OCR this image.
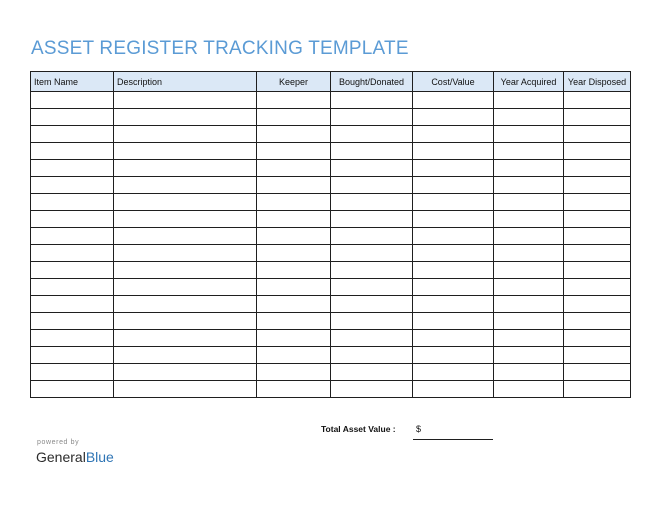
ASSET REGISTER TRACKING TEMPLATE
Item Name	Description	Keeper	Bought/Donated	Cost/Value	Year Acquired	Year Disposed

Total Asset Value : $
powered by
GeneralBlue
